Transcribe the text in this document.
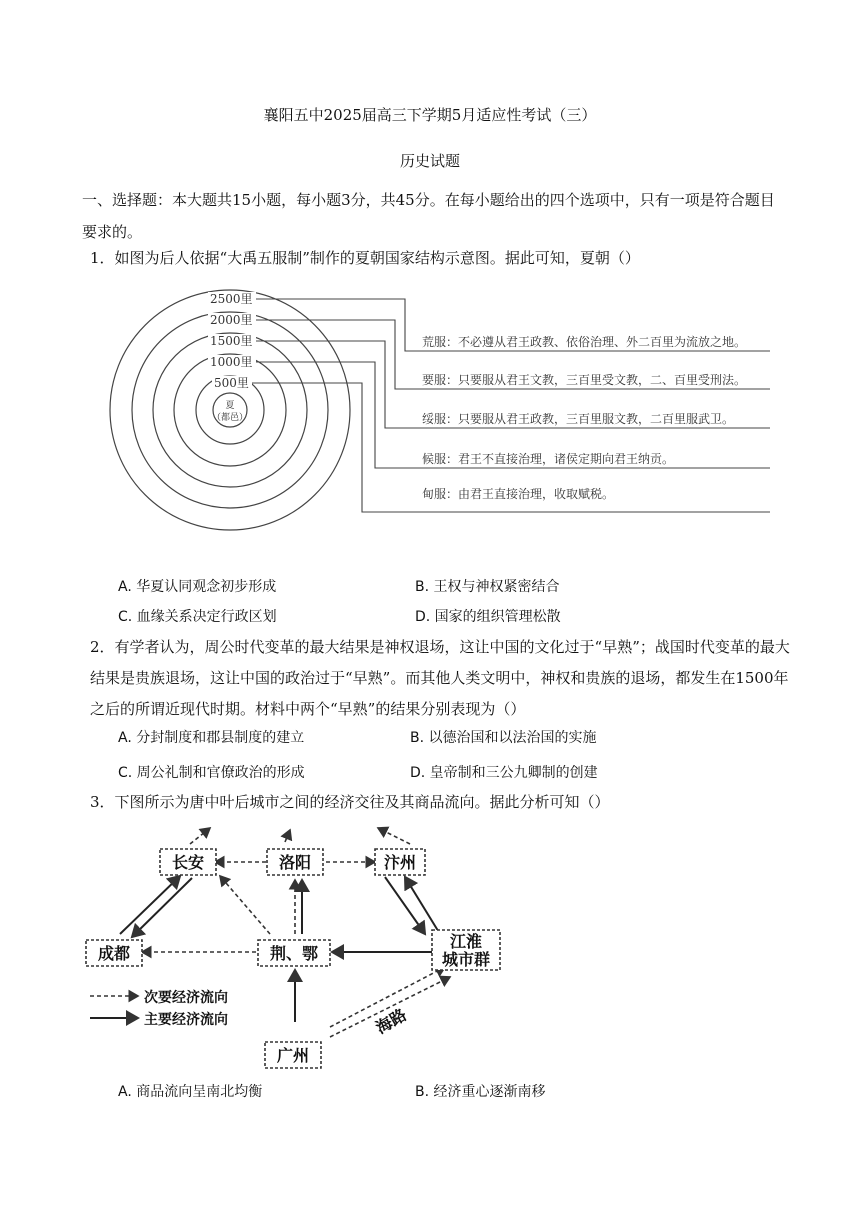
襄阳五中2025届高三下学期5月适应性考试（三）
历史试题
一、选择题：本大题共15小题，每小题3分，共45分。在每小题给出的四个选项中，只有一项是符合题目要求的。
1．如图为后人依据“大禹五服制”制作的夏朝国家结构示意图。据此可知，夏朝（）
2500里
2000里
1500里
1000里
500里
夏
（都邑）
荒服：不必遵从君王政教、依俗治理、外二百里为流放之地。
要服：只要服从君王文教，三百里受文教，二、百里受刑法。
绥服：只要服从君王政教，三百里服文教，二百里服武卫。
候服：君王不直接治理，诸侯定期向君王纳贡。
甸服：由君王直接治理，收取赋税。
A. 华夏认同观念初步形成	B. 王权与神权紧密结合
C. 血缘关系决定行政区划	D. 国家的组织管理松散
2．有学者认为，周公时代变革的最大结果是神权退场，这让中国的文化过于“早熟”；战国时代变革的最大结果是贵族退场，这让中国的政治过于“早熟”。而其他人类文明中，神权和贵族的退场，都发生在1500年之后的所谓近现代时期。材料中两个“早熟”的结果分别表现为（）
A. 分封制度和郡县制度的建立	B. 以德治国和以法治国的实施
C. 周公礼制和官僚政治的形成	D. 皇帝制和三公九卿制的创建
3．下图所示为唐中叶后城市之间的经济交往及其商品流向。据此分析可知（）
长安	洛阳	汴州
成都	荆、鄂
江淮
城市群
广州
次要经济流向
主要经济流向	海路
A. 商品流向呈南北均衡	B. 经济重心逐渐南移
